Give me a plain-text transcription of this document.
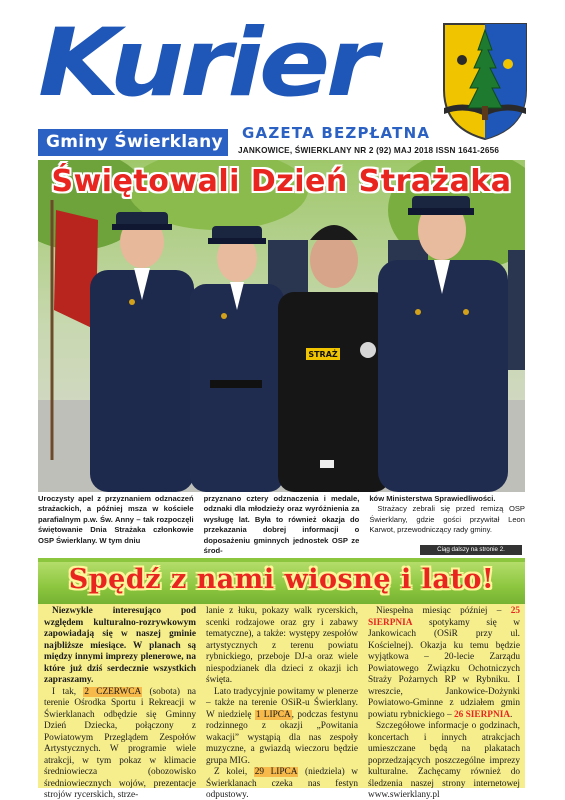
Kurier
Gminy Świerklany	GAZETA BEZPŁATNA
JANKOWICE, ŚWIERKLANY NR 2 (92) MAJ 2018 ISSN 1641-2656
STRAŻ
Świętowali Dzień Strażaka

Uroczysty apel z przyznaniem odznaczeń strażackich, a później msza w kościele parafialnym p.w. Św. Anny – tak rozpoczęli świętowanie Dnia Strażaka członkowie OSP Świerklany. W tym dniu

przyznano cztery odznaczenia i medale, odznaki dla młodzieży oraz wyróżnienia za wysługę lat. Była to również okazja do przekazania dobrej informacji o doposażeniu gminnych jednostek OSP ze środ-

ków Ministerstwa Sprawiedliwości.

Strażacy zebrali się przed remizą OSP Świerklany, gdzie gości przywitał Leon Karwot, przewodniczący rady gminy.

Ciąg dalszy na stronie 2.
Spędź z nami wiosnę i lato!

Niezwykle interesująco pod względem kulturalno-rozrywkowym zapowiadają się w naszej gminie najbliższe miesiące. W planach są między innymi imprezy plenerowe, na które już dziś serdecznie wszystkich zapraszamy.

I tak, 2 CZERWCA (sobota) na terenie Ośrodka Sportu i Rekreacji w Świerklanach odbędzie się Gminny Dzień Dziecka, połączony z Powiatowym Przeglądem Zespołów Artystycznych. W programie wiele atrakcji, w tym pokaz w klimacie średniowiecza (obozowisko średniowiecznych wojów, prezentacje strojów rycerskich, strze-

lanie z łuku, pokazy walk rycerskich, scenki rodzajowe oraz gry i zabawy tematyczne), a także: występy zespołów artystycznych z terenu powiatu rybnickiego, przeboje DJ-a oraz wiele niespodzianek dla dzieci z okazji ich święta.

Lato tradycyjnie powitamy w plenerze – także na terenie OSiR-u Świerklany. W niedzielę 1 LIPCA, podczas festynu rodzinnego z okazji „Powitania wakacji” wystąpią dla nas zespoły muzyczne, a gwiazdą wieczoru będzie grupa MIG.

Z kolei, 29 LIPCA (niedziela) w Świerklanach czeka nas festyn odpustowy.

Niespełna miesiąc później – 25 SIERPNIA spotykamy się w Jankowicach (OSiR przy ul. Kościelnej). Okazja ku temu będzie wyjątkowa – 20-lecie Zarządu Powiatowego Związku Ochotniczych Straży Pożarnych RP w Rybniku. I wreszcie, Jankowice-Dożynki Powiatowo-Gminne z udziałem gmin powiatu rybnickiego – 26 SIERPNIA.

Szczegółowe informacje o godzinach, koncertach i innych atrakcjach umieszczane będą na plakatach poprzedzających poszczególne imprezy kulturalne. Zachęcamy również do śledzenia naszej strony internetowej www.swierklany.pl
